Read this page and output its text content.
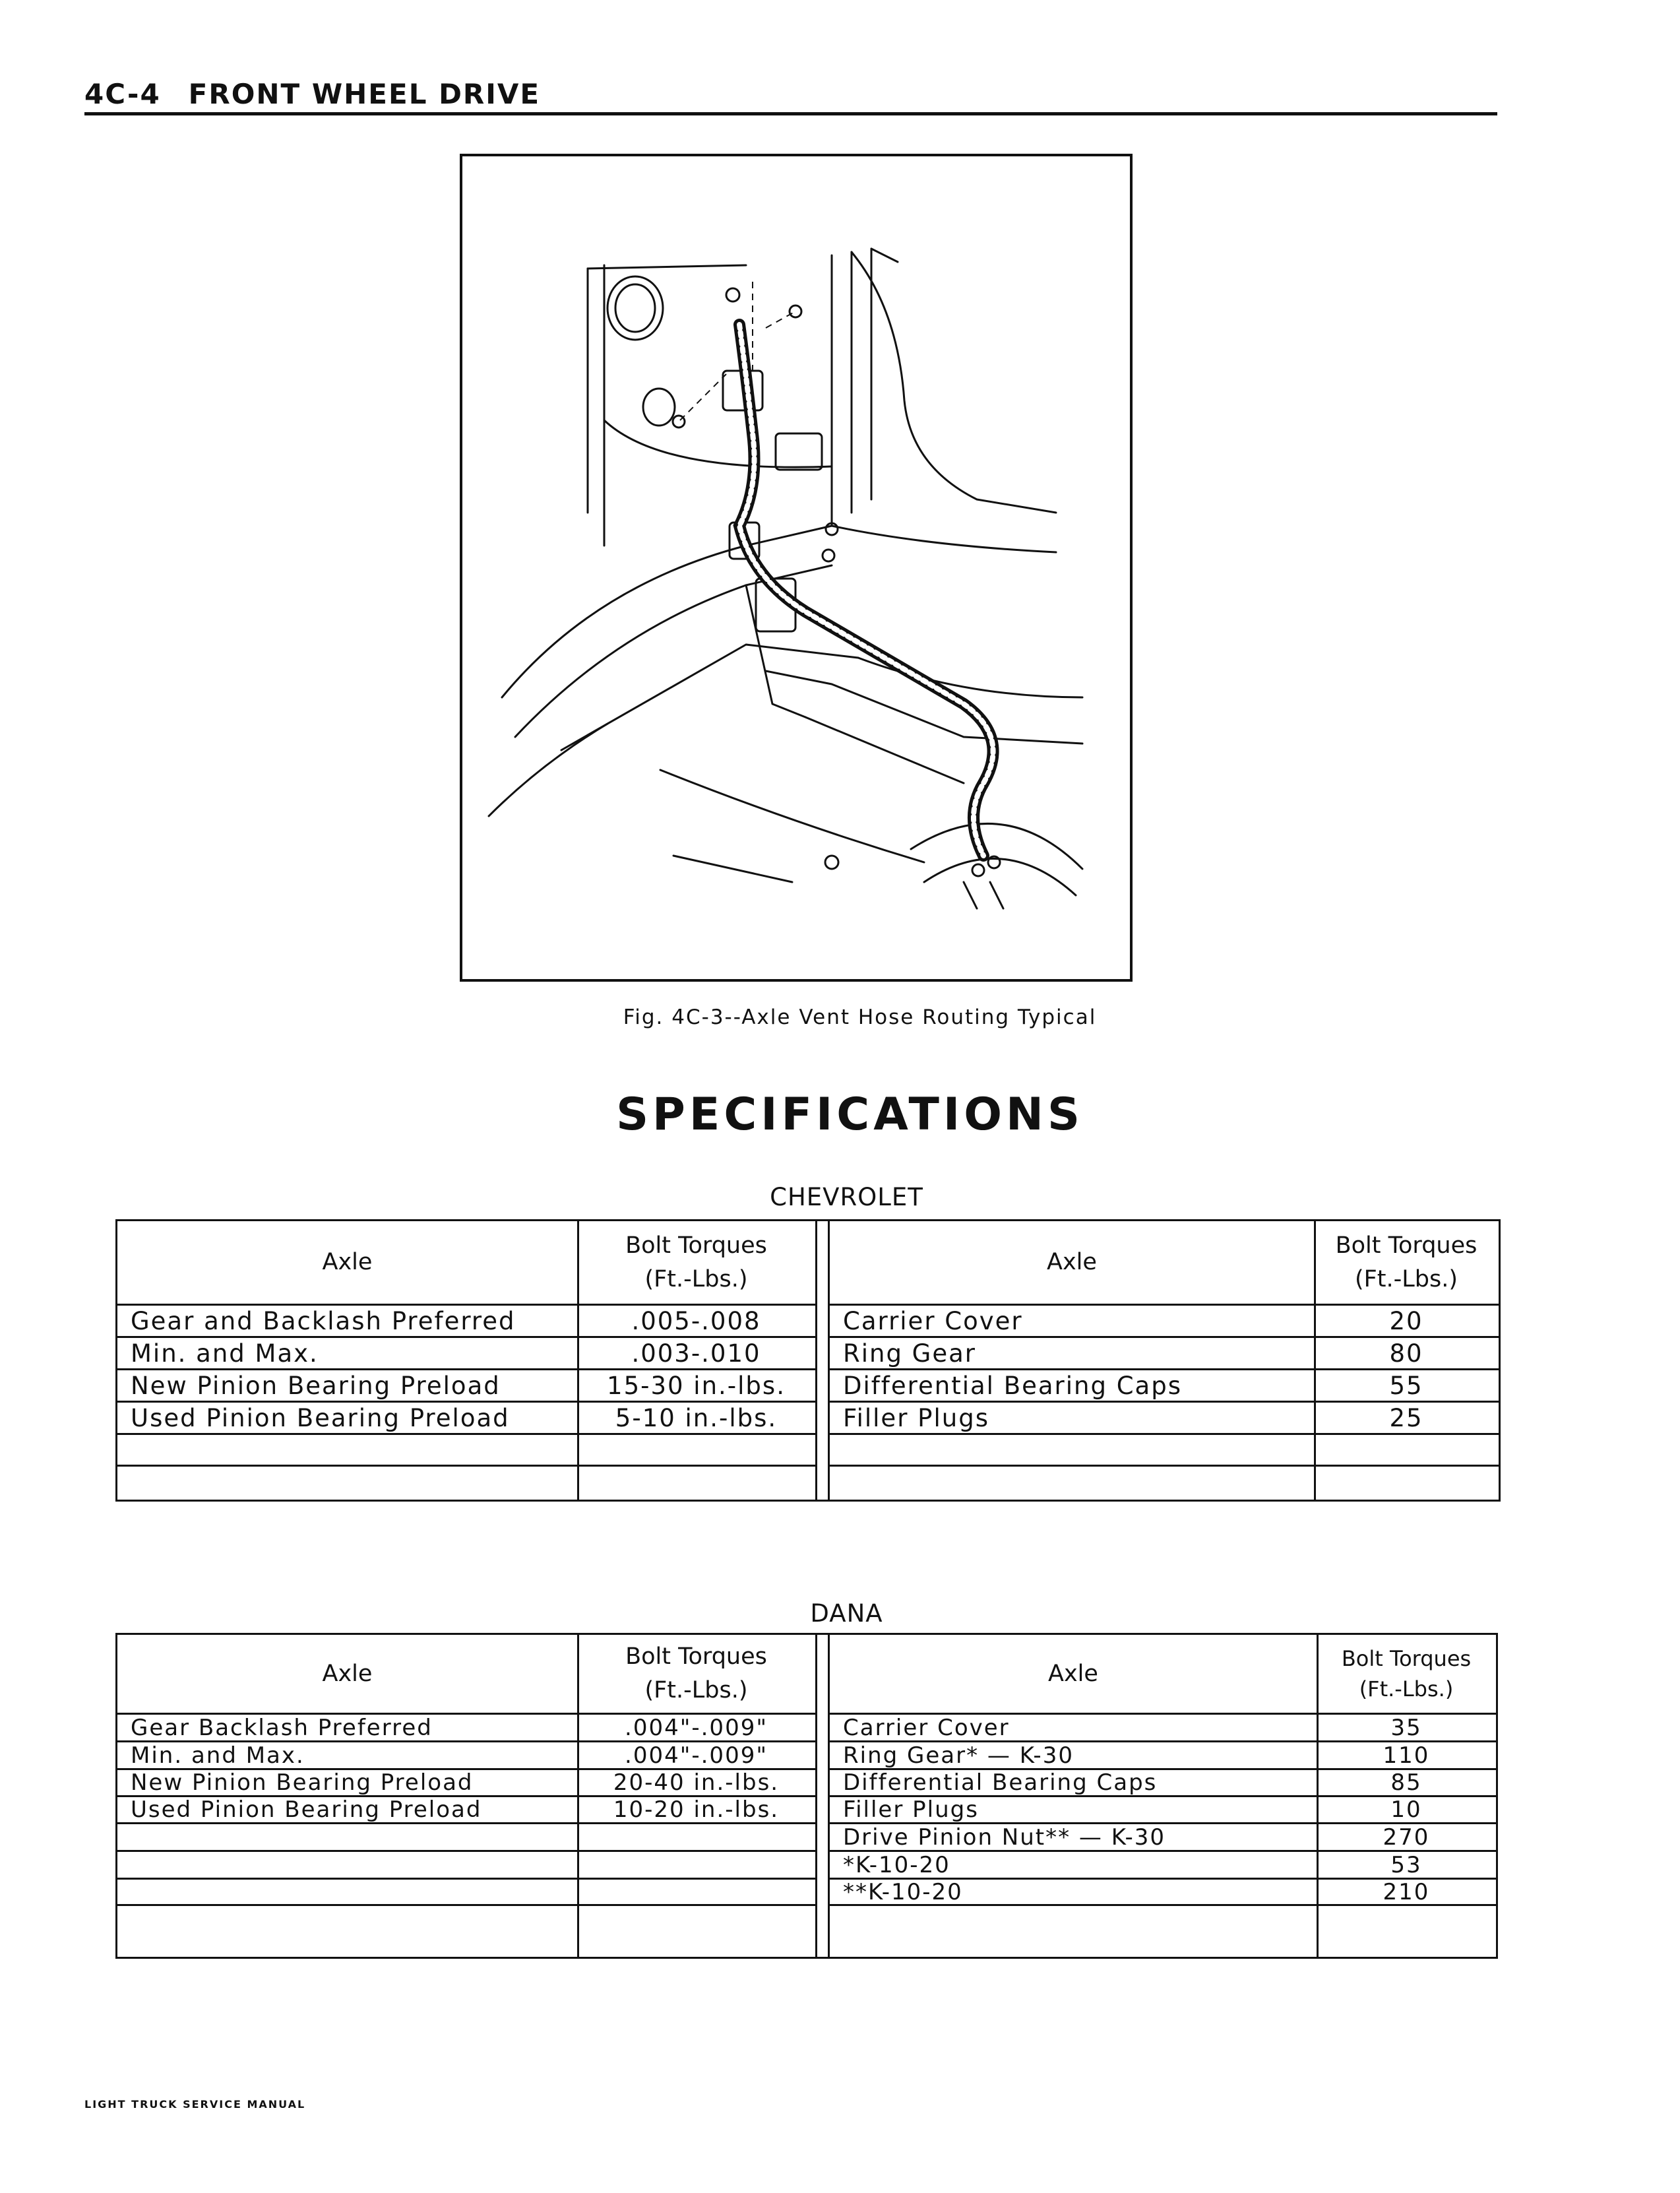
4C-4 FRONT WHEEL DRIVE
Fig. 4C-3--Axle Vent Hose Routing Typical
SPECIFICATIONS
CHEVROLET
Axle
Bolt Torques
(Ft.-Lbs.)
Gear and Backlash Preferred	.005-.008
Min. and Max.	.003-.010
New Pinion Bearing Preload	15-30 in.-lbs.
Used Pinion Bearing Preload	5-10 in.-lbs.
Axle
Bolt Torques
(Ft.-Lbs.)
Carrier Cover	20
Ring Gear	80
Differential Bearing Caps	55
Filler Plugs	25
DANA
Axle
Bolt Torques
(Ft.-Lbs.)
Gear Backlash Preferred	.004"-.009"
Min. and Max.	.004"-.009"
New Pinion Bearing Preload	20-40 in.-lbs.
Used Pinion Bearing Preload	10-20 in.-lbs.
Axle
Bolt Torques
(Ft.-Lbs.)
Carrier Cover	35
Ring Gear* — K-30	110
Differential Bearing Caps	85
Filler Plugs	10
Drive Pinion Nut** — K-30	270
*K-10-20	53
**K-10-20	210
LIGHT TRUCK SERVICE MANUAL
